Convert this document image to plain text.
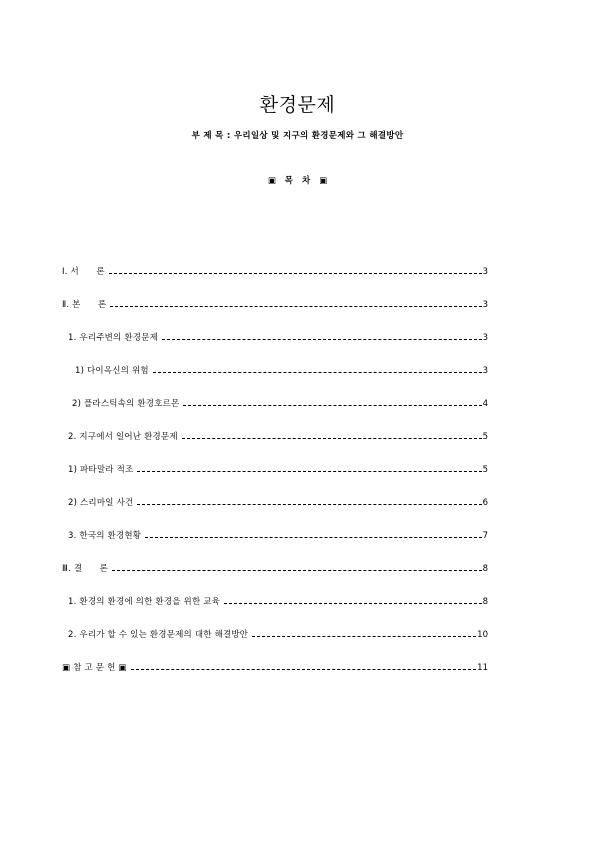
환경문제
부 제 목 : 우리일상 및 지구의 환경문제와 그 해결방안
▣ 목 차 ▣
Ⅰ. 서　　론	3
Ⅱ. 본　　론	3
1. 우리주변의 환경문제	3
1) 다이옥신의 위험	3
2) 플라스틱속의 환경호르몬	4
2. 지구에서 일어난 환경문제	5
1) 파타말라 적조	5
2) 스리마일 사건	6
3. 한국의 환경현황	7
Ⅲ. 결　　론	8
1. 환경의 환경에 의한 환경을 위한 교육	8
2. 우리가 할 수 있는 환경문제의 대한 해결방안	10
▣ 참 고 문 헌 ▣	11
